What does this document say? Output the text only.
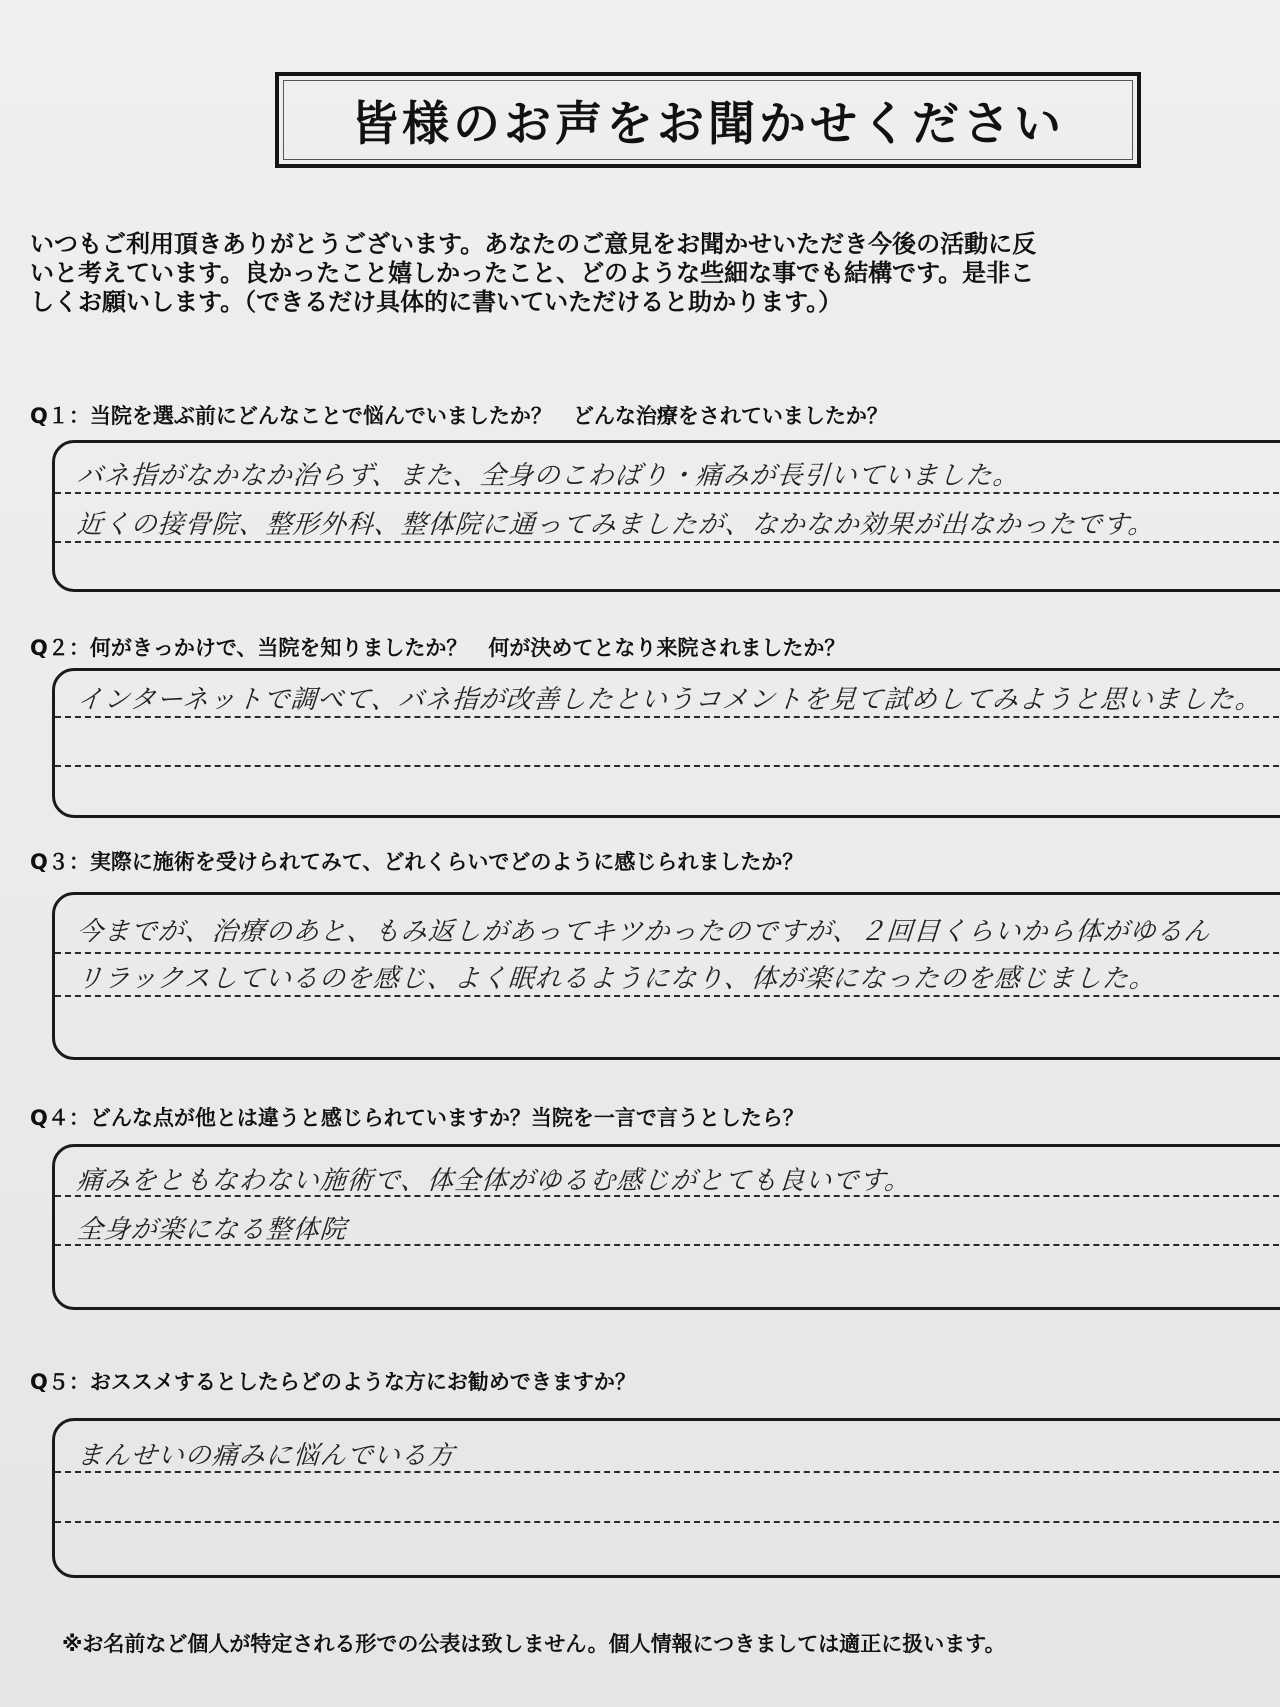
皆様のお声をお聞かせください
いつもご利用頂きありがとうございます。あなたのご意見をお聞かせいただき今後の活動に反
いと考えています。良かったこと嬉しかったこと、どのような些細な事でも結構です。是非こ
しくお願いします。（できるだけ具体的に書いていただけると助かります。）
Q１：当院を選ぶ前にどんなことで悩んでいましたか？　どんな治療をされていましたか？
バネ指がなかなか治らず、また、全身のこわばり・痛みが長引いていました。
近くの接骨院、整形外科、整体院に通ってみましたが、なかなか効果が出なかったです。
Q２：何がきっかけで、当院を知りましたか？　何が決めてとなり来院されましたか？
インターネットで調べて、バネ指が改善したというコメントを見て試めしてみようと思いました。
Q３：実際に施術を受けられてみて、どれくらいでどのように感じられましたか？
今までが、治療のあと、もみ返しがあってキツかったのですが、２回目くらいから体がゆるん
リラックスしているのを感じ、よく眠れるようになり、体が楽になったのを感じました。
Q４：どんな点が他とは違うと感じられていますか？当院を一言で言うとしたら？
痛みをともなわない施術で、体全体がゆるむ感じがとても良いです。
全身が楽になる整体院
Q５：おススメするとしたらどのような方にお勧めできますか？
まんせいの痛みに悩んでいる方
※お名前など個人が特定される形での公表は致しません。個人情報につきましては適正に扱います。
